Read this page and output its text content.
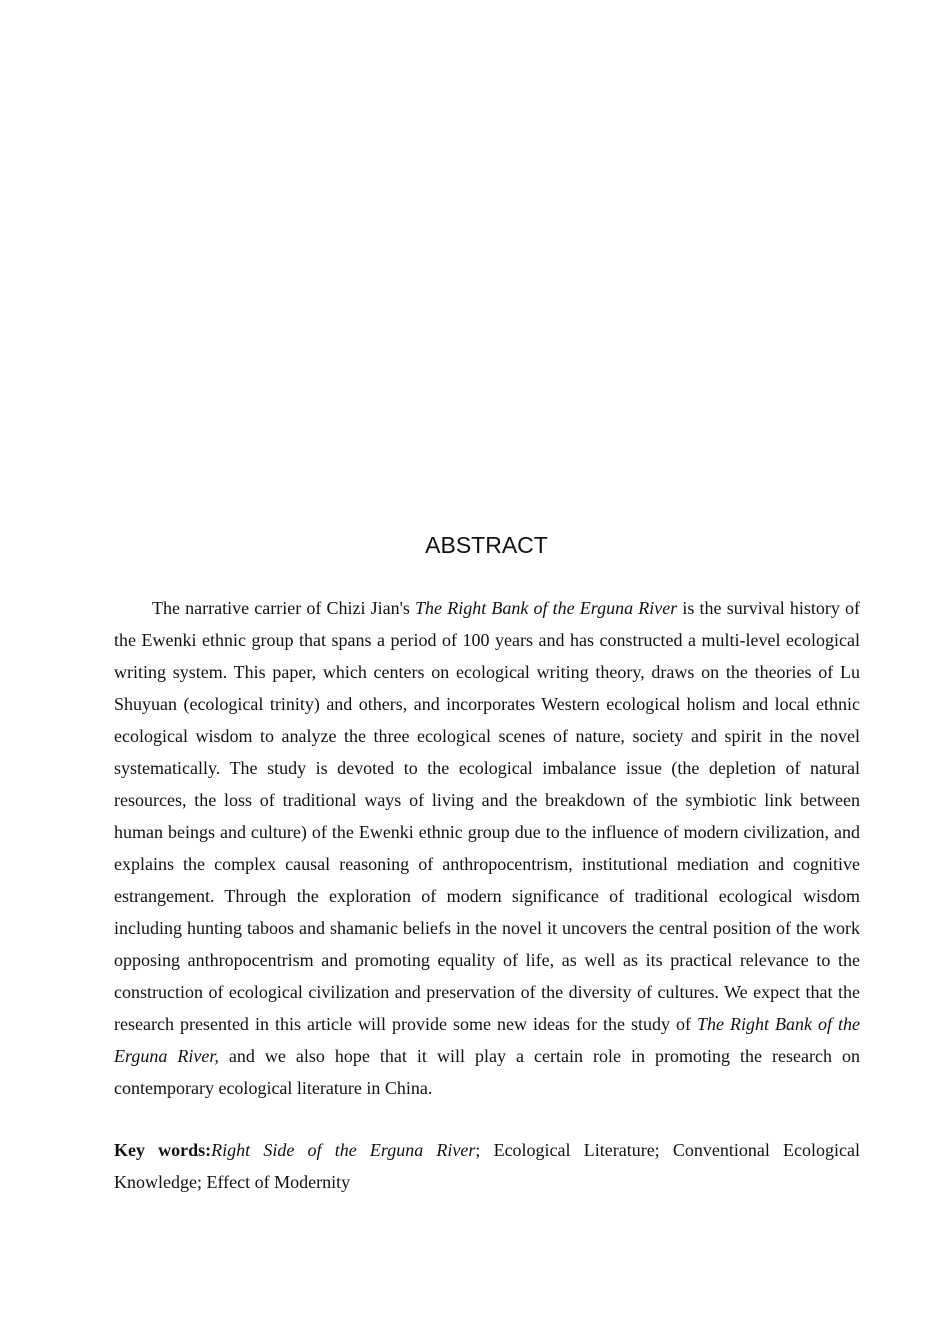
ABSTRACT

The narrative carrier of Chizi Jian's The Right Bank of the Erguna River is the survival history of the Ewenki ethnic group that spans a period of 100 years and has constructed a multi-level ecological writing system. This paper, which centers on ecological writing theory, draws on the theories of Lu Shuyuan (ecological trinity) and others, and incorporates Western ecological holism and local ethnic ecological wisdom to analyze the three ecological scenes of nature, society and spirit in the novel systematically. The study is devoted to the ecological imbalance issue (the depletion of natural resources, the loss of traditional ways of living and the breakdown of the symbiotic link between human beings and culture) of the Ewenki ethnic group due to the influence of modern civilization, and explains the complex causal reasoning of anthropocentrism, institutional mediation and cognitive estrangement. Through the exploration of modern significance of traditional ecological wisdom including hunting taboos and shamanic beliefs in the novel it uncovers the central position of the work opposing anthropocentrism and promoting equality of life, as well as its practical relevance to the construction of ecological civilization and preservation of the diversity of cultures. We expect that the research presented in this article will provide some new ideas for the study of The Right Bank of the Erguna River, and we also hope that it will play a certain role in promoting the research on contemporary ecological literature in China.

Key words:Right Side of the Erguna River; Ecological Literature; Conventional Ecological Knowledge; Effect of Modernity
